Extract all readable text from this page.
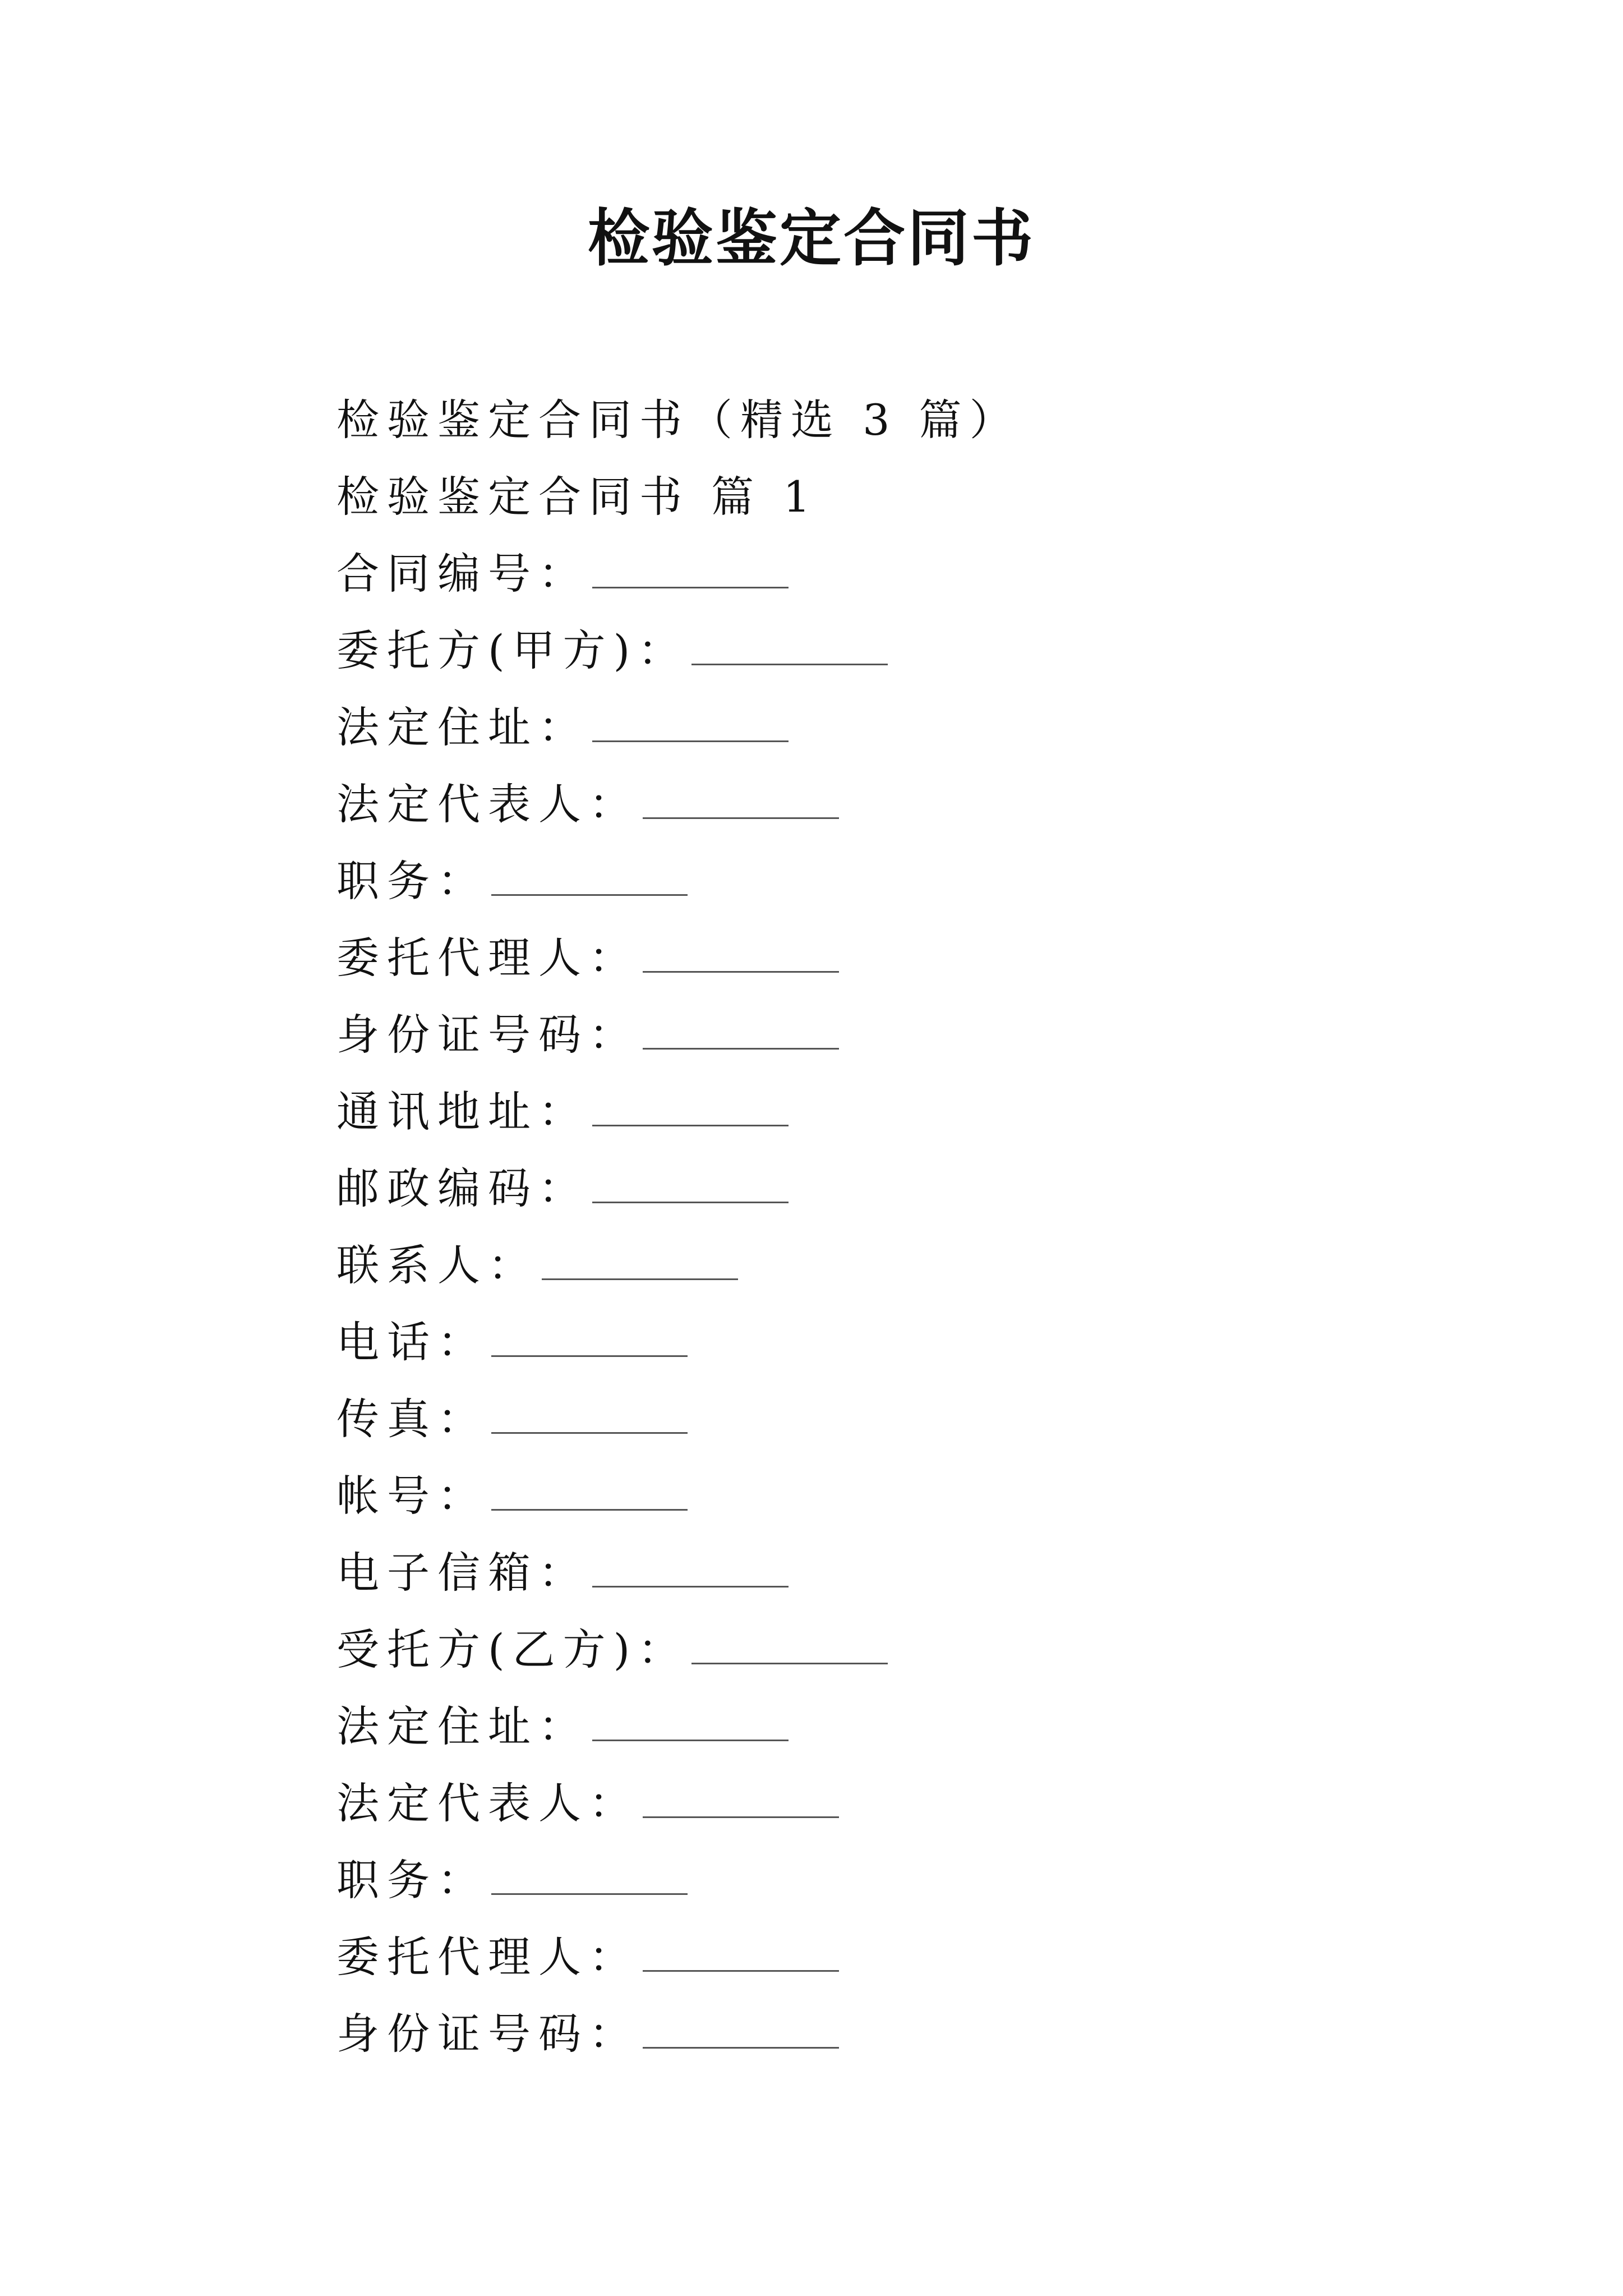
检验鉴定合同书
检验鉴定合同书（精选 3 篇）
检验鉴定合同书 篇 1
合同编号：
委托方(甲方)：
法定住址：
法定代表人：
职务：
委托代理人：
身份证号码：
通讯地址：
邮政编码：
联系人：
电话：
传真：
帐号：
电子信箱：
受托方(乙方)：
法定住址：
法定代表人：
职务：
委托代理人：
身份证号码：
